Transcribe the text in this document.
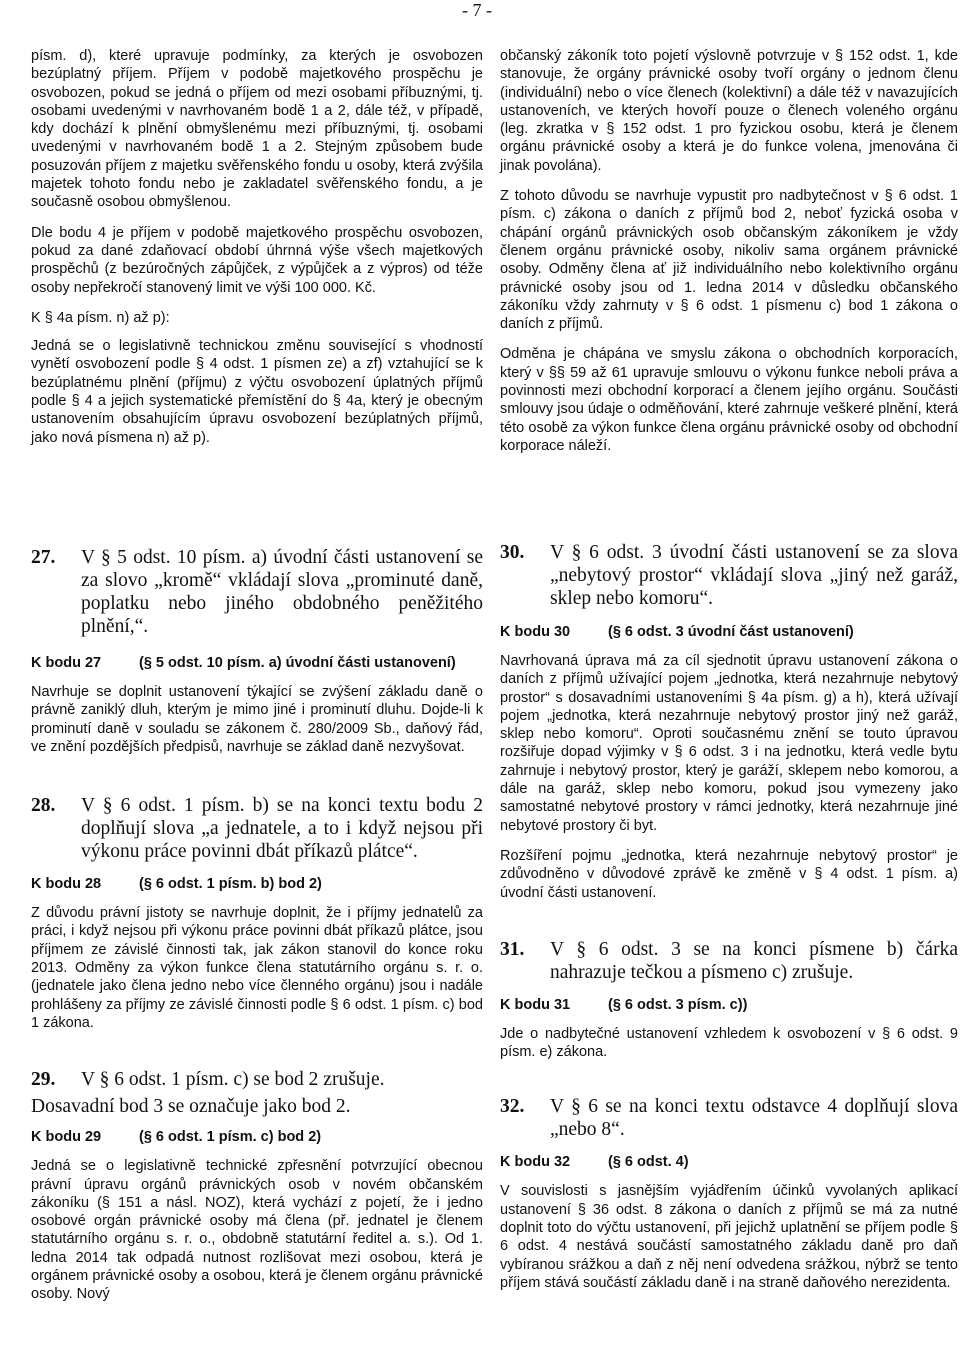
- 7 -

písm. d), které upravuje podmínky, za kterých je osvobozen bezúplatný příjem. Příjem v podobě majetkového prospěchu je osvobozen, pokud se jedná o příjem od mezi osobami příbuznými, tj. osobami uvedenými v navrhovaném bodě 1 a 2, dále též, v případě, kdy dochází k plnění obmyšlenému mezi příbuznými, tj. osobami uvedenými v navrhovaném bodě 1 a 2. Stejným způsobem bude posuzován příjem z majetku svěřenského fondu u osoby, která zvýšila majetek tohoto fondu nebo je zakladatel svěřenského fondu, a je současně osobou obmyšlenou.

Dle bodu 4 je příjem v podobě majetkového prospěchu osvobozen, pokud za dané zdaňovací období úhrnná výše všech majetkových prospěchů (z bezúročných zápůjček, z výpůjček a z výpros) od téže osoby nepřekročí stanovený limit ve výši 100 000. Kč.

K § 4a písm. n) až p):

Jedná se o legislativně technickou změnu související s vhodností vynětí osvobození podle § 4 odst. 1 písmen ze) a zf) vztahující se k bezúplatnému plnění (příjmu) z výčtu osvobození úplatných příjmů podle § 4 a jejich systematické přemístění do § 4a, který je obecným ustanovením obsahujícím úpravu osvobození bezúplatných příjmů, jako nová písmena n) až p).

občanský zákoník toto pojetí výslovně potvrzuje v § 152 odst. 1, kde stanovuje, že orgány právnické osoby tvoří orgány o jednom členu (individuální) nebo o více členech (kolektivní) a dále též v navazujících ustanoveních, ve kterých hovoří pouze o členech voleného orgánu (leg. zkratka v § 152 odst. 1 pro fyzickou osobu, která je členem orgánu právnické osoby a která je do funkce volena, jmenována či jinak povolána).

Z tohoto důvodu se navrhuje vypustit pro nadbytečnost v § 6 odst. 1 písm. c) zákona o daních z příjmů bod 2, neboť fyzická osoba v chápání orgánů právnických osob občanským zákoníkem je vždy členem orgánu právnické osoby, nikoliv sama orgánem právnické osoby. Odměny člena ať již individuálního nebo kolektivního orgánu právnické osoby jsou od 1. ledna 2014 v důsledku občanského zákoníku vždy zahrnuty v § 6 odst. 1 písmenu c) bod 1 zákona o daních z příjmů.

Odměna je chápána ve smyslu zákona o obchodních korporacích, který v §§ 59 až 61 upravuje smlouvu o výkonu funkce neboli práva a povinnosti mezi obchodní korporací a členem jejího orgánu. Součásti smlouvy jsou údaje o odměňování, které zahrnuje veškeré plnění, která této osobě za výkon funkce člena orgánu právnické osoby od obchodní korporace náleží.

27.	V § 5 odst. 10 písm. a) úvodní části ustanovení se za slovo „kromě“ vkládají slova „prominuté daně, poplatku nebo jiného obdobného peněžitého plnění,“.
K bodu 27	(§ 5 odst. 10 písm. a) úvodní části ustanovení)

Navrhuje se doplnit ustanovení týkající se zvýšení základu daně o právně zaniklý dluh, kterým je mimo jiné i prominutí dluhu. Dojde-li k prominutí daně v souladu se zákonem č. 280/2009 Sb., daňový řád, ve znění pozdějších předpisů, navrhuje se základ daně nezvyšovat.

28.	V § 6 odst. 1 písm. b) se na konci textu bodu 2 doplňují slova „a jednatele, a to i když nejsou při výkonu práce povinni dbát příkazů plátce“.
K bodu 28	(§ 6 odst. 1 písm. b) bod 2)

Z důvodu právní jistoty se navrhuje doplnit, že i příjmy jednatelů za práci, i když nejsou při výkonu práce povinni dbát příkazů plátce, jsou příjmem ze závislé činnosti tak, jak zákon stanovil do konce roku 2013. Odměny za výkon funkce člena statutárního orgánu s. r. o. (jednatele jako člena jedno nebo více členného orgánu) jsou i nadále prohlášeny za příjmy ze závislé činnosti podle § 6 odst. 1 písm. c) bod 1 zákona.

29.	V § 6 odst. 1 písm. c) se bod 2 zrušuje.
Dosavadní bod 3 se označuje jako bod 2.
K bodu 29	(§ 6 odst. 1 písm. c) bod 2)

Jedná se o legislativně technické zpřesnění potvrzující obecnou právní úpravu orgánů právnických osob v novém občanském zákoníku (§ 151 a násl. NOZ), která vychází z pojetí, že i jedno osobové orgán právnické osoby má člena (př. jednatel je členem statutárního orgánu s. r. o., obdobně statutární ředitel a. s.). Od 1. ledna 2014 tak odpadá nutnost rozlišovat mezi osobou, která je orgánem právnické osoby a osobou, která je členem orgánu právnické osoby. Nový

30.	V § 6 odst. 3 úvodní části ustanovení se za slova „nebytový prostor“ vkládají slova „jiný než garáž, sklep nebo komoru“.
K bodu 30	(§ 6 odst. 3 úvodní část ustanovení)

Navrhovaná úprava má za cíl sjednotit úpravu ustanovení zákona o daních z příjmů užívající pojem „jednotka, která nezahrnuje nebytový prostor“ s dosavadními ustanoveními § 4a písm. g) a h), která užívají pojem „jednotka, která nezahrnuje nebytový prostor jiný než garáž, sklep nebo komoru“. Oproti současnému znění se touto úpravou rozšiřuje dopad výjimky v § 6 odst. 3 i na jednotku, která vedle bytu zahrnuje i nebytový prostor, který je garáží, sklepem nebo komorou, a dále na garáž, sklep nebo komoru, pokud jsou vymezeny jako samostatné nebytové prostory v rámci jednotky, která nezahrnuje jiné nebytové prostory či byt.

Rozšíření pojmu „jednotka, která nezahrnuje nebytový prostor“ je zdůvodněno v důvodové zprávě ke změně v § 4 odst. 1 písm. a) úvodní části ustanovení.

31.	V § 6 odst. 3 se na konci písmene b) čárka nahrazuje tečkou a písmeno c) zrušuje.
K bodu 31	(§ 6 odst. 3 písm. c))

Jde o nadbytečné ustanovení vzhledem k osvobození v § 6 odst. 9 písm. e) zákona.

32.	V § 6 se na konci textu odstavce 4 doplňují slova „nebo 8“.
K bodu 32	(§ 6 odst. 4)

V souvislosti s jasnějším vyjádřením účinků vyvolaných aplikací ustanovení § 36 odst. 8 zákona o daních z příjmů se má za nutné doplnit toto do výčtu ustanovení, při jejichž uplatnění se příjem podle § 6 odst. 4 nestává součástí samostatného základu daně pro daň vybíranou srážkou a daň z něj není odvedena srážkou, nýbrž se tento příjem stává součástí základu daně i na straně daňového nerezidenta.
